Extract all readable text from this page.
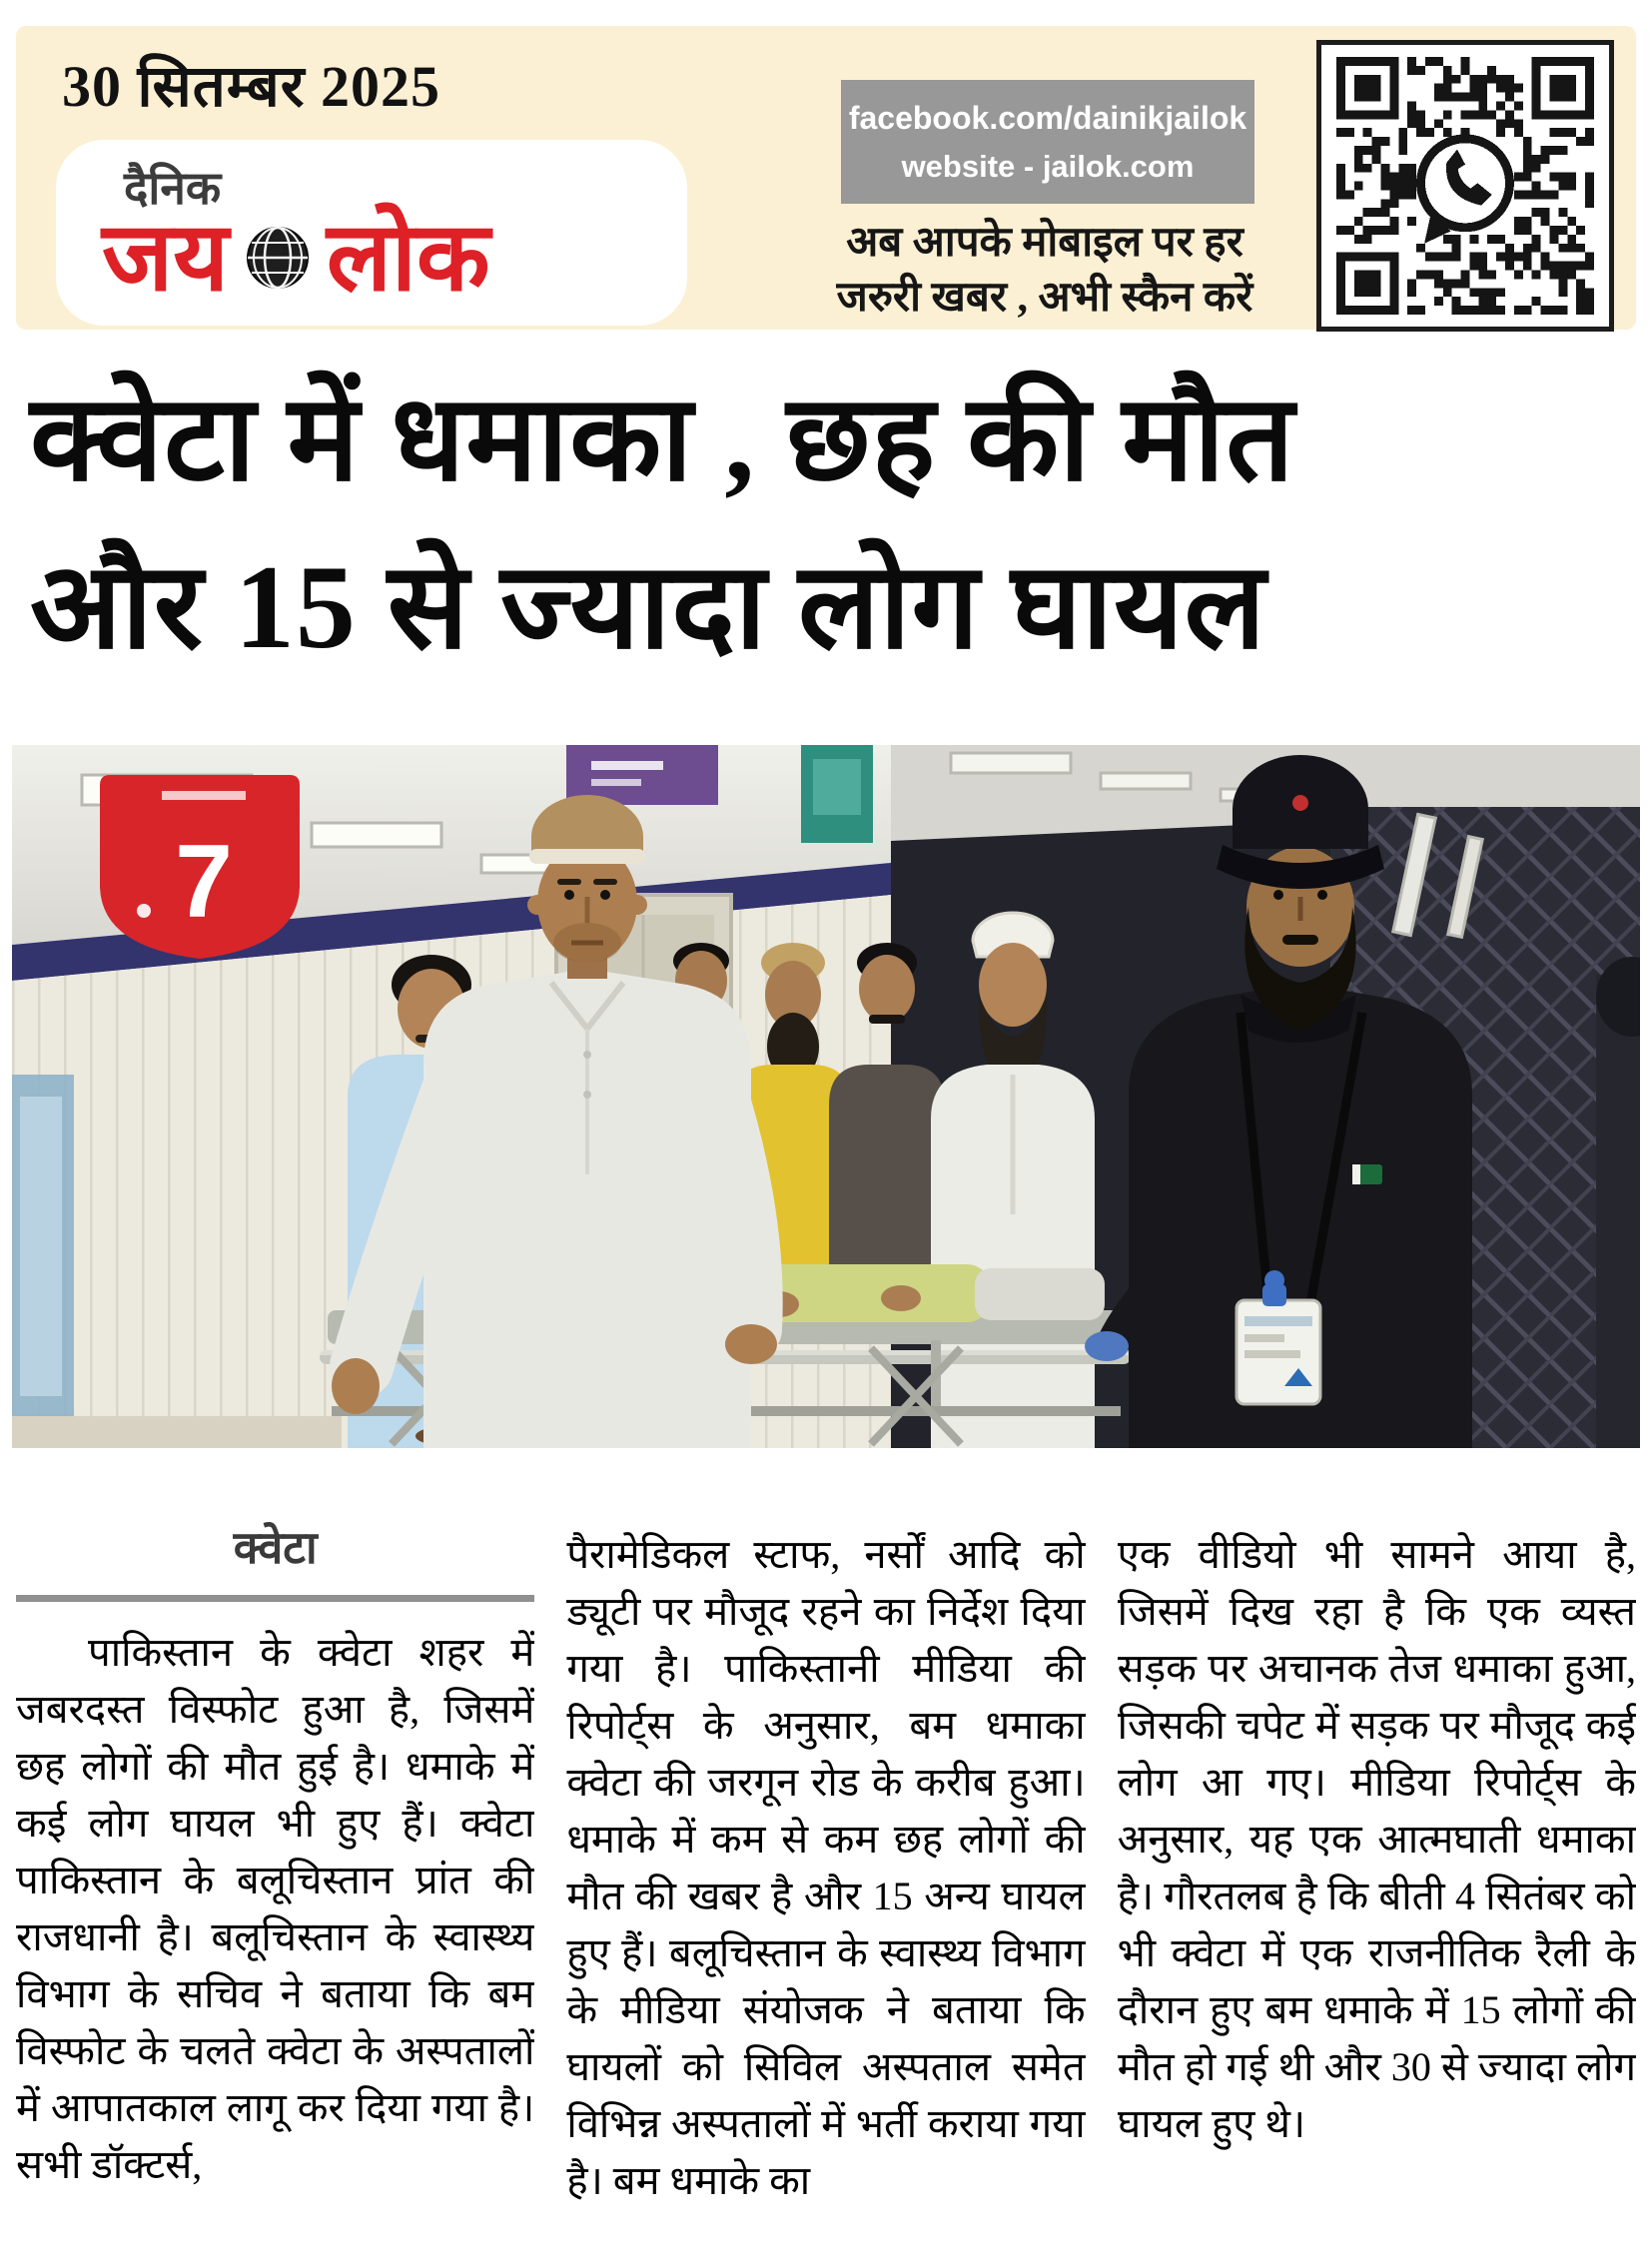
30 सितम्बर 2025
दैनिक
जय लोक
facebook.com/dainikjailok
website - jailok.com
अब आपके मोबाइल पर हर
जरुरी खबर , अभी स्कैन करें
क्वेटा में धमाका , छह की मौत
और 15 से ज्यादा लोग घायल
7
क्वेटा

पाकिस्तान के क्वेटा शहर में जबरदस्त विस्फोट हुआ है, जिसमें छह लोगों की मौत हुई है। धमाके में कई लोग घायल भी हुए हैं। क्वेटा पाकिस्तान के बलूचिस्तान प्रांत की राजधानी है। बलूचिस्तान के स्वास्थ्य विभाग के सचिव ने बताया कि बम विस्फोट के चलते क्वेटा के अस्पतालों में आपातकाल लागू कर दिया गया है। सभी डॉक्टर्स,

पैरामेडिकल स्टाफ, नर्सों आदि को ड्यूटी पर मौजूद रहने का निर्देश दिया गया है। पाकिस्तानी मीडिया की रिपोर्ट्स के अनुसार, बम धमाका क्वेटा की जरगून रोड के करीब हुआ। धमाके में कम से कम छह लोगों की मौत की खबर है और 15 अन्य घायल हुए हैं। बलूचिस्तान के स्वास्थ्य विभाग के मीडिया संयोजक ने बताया कि घायलों को सिविल अस्पताल समेत विभिन्न अस्पतालों में भर्ती कराया गया है। बम धमाके का

एक वीडियो भी सामने आया है, जिसमें दिख रहा है कि एक व्यस्त सड़क पर अचानक तेज धमाका हुआ, जिसकी चपेट में सड़क पर मौजूद कई लोग आ गए। मीडिया रिपोर्ट्स के अनुसार, यह एक आत्मघाती धमाका है। गौरतलब है कि बीती 4 सितंबर को भी क्वेटा में एक राजनीतिक रैली के दौरान हुए बम धमाके में 15 लोगों की मौत हो गई थी और 30 से ज्यादा लोग घायल हुए थे।
